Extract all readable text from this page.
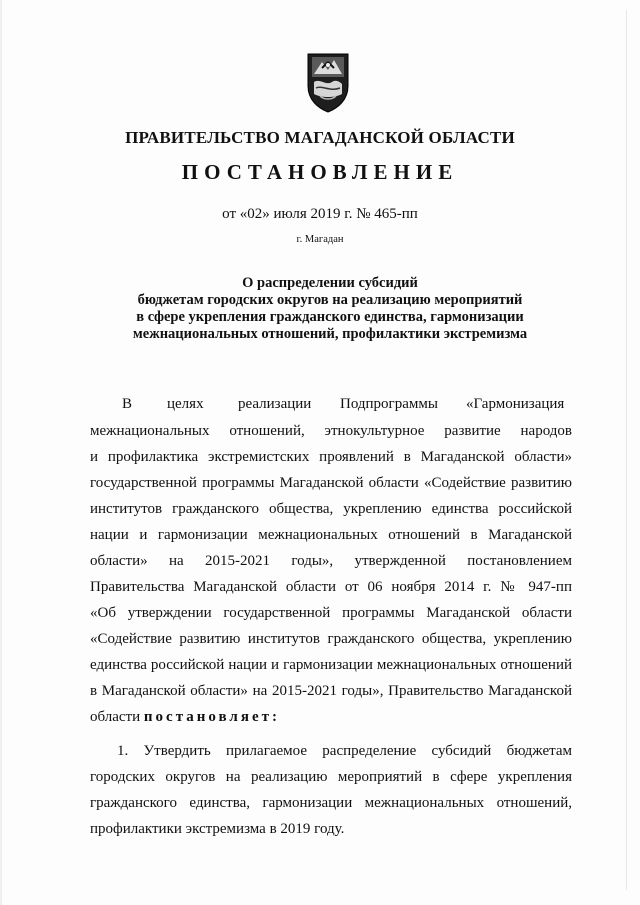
ПРАВИТЕЛЬСТВО МАГАДАНСКОЙ ОБЛАСТИ
ПОСТАНОВЛЕНИЕ
от «02» июля 2019 г. № 465-пп
г. Магадан
О распределении субсидий
бюджетам городских округов на реализацию мероприятий
в сфере укрепления гражданского единства, гармонизации
межнациональных отношений, профилактики экстремизма
В целях реализации Подпрограммы «Гармонизация
межнациональных отношений, этнокультурное развитие народов
и профилактика экстремистских проявлений в Магаданской области»
государственной программы Магаданской области «Содействие развитию
институтов гражданского общества, укреплению единства российской
нации и гармонизации межнациональных отношений в Магаданской
области» на 2015-2021 годы», утвержденной постановлением
Правительства Магаданской области от 06 ноября 2014 г. № 947-пп
«Об утверждении государственной программы Магаданской области
«Содействие развитию институтов гражданского общества, укреплению
единства российской нации и гармонизации межнациональных отношений
в Магаданской области» на 2015-2021 годы», Правительство Магаданской
области постановляет:
1. Утвердить прилагаемое распределение субсидий бюджетам
городских округов на реализацию мероприятий в сфере укрепления
гражданского единства, гармонизации межнациональных отношений,
профилактики экстремизма в 2019 году.
